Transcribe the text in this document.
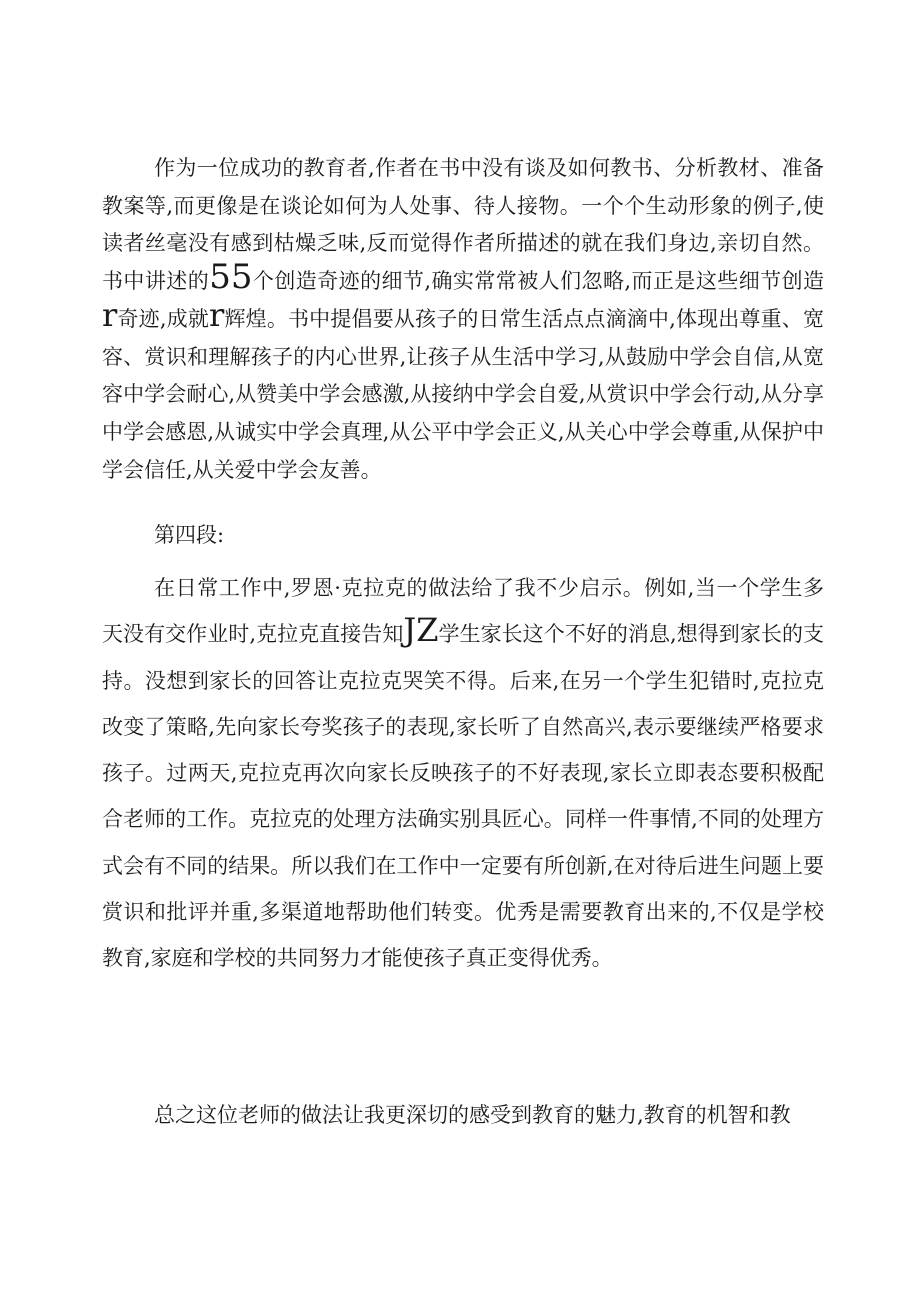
作为一位成功的教育者,作者在书中没有谈及如何教书、分析教材、准备教案等,而更像是在谈论如何为人处事、待人接物。一个个生动形象的例子,使读者丝毫没有感到枯燥乏味,反而觉得作者所描述的就在我们身边,亲切自然。书中讲述的55个创造奇迹的细节,确实常常被人们忽略,而正是这些细节创造r奇迹,成就r辉煌。书中提倡要从孩子的日常生活点点滴滴中,体现出尊重、宽容、赏识和理解孩子的内心世界,让孩子从生活中学习,从鼓励中学会自信,从宽容中学会耐心,从赞美中学会感激,从接纳中学会自爱,从赏识中学会行动,从分享中学会感恩,从诚实中学会真理,从公平中学会正义,从关心中学会尊重,从保护中学会信任,从关爱中学会友善。

第四段:

在日常工作中,罗恩·克拉克的做法给了我不少启示。例如,当一个学生多天没有交作业时,克拉克直接告知JZ学生家长这个不好的消息,想得到家长的支持。没想到家长的回答让克拉克哭笑不得。后来,在另一个学生犯错时,克拉克改变了策略,先向家长夸奖孩子的表现,家长听了自然高兴,表示要继续严格要求孩子。过两天,克拉克再次向家长反映孩子的不好表现,家长立即表态要积极配合老师的工作。克拉克的处理方法确实别具匠心。同样一件事情,不同的处理方式会有不同的结果。所以我们在工作中一定要有所创新,在对待后进生问题上要赏识和批评并重,多渠道地帮助他们转变。优秀是需要教育出来的,不仅是学校教育,家庭和学校的共同努力才能使孩子真正变得优秀。

总之这位老师的做法让我更深切的感受到教育的魅力,教育的机智和教
